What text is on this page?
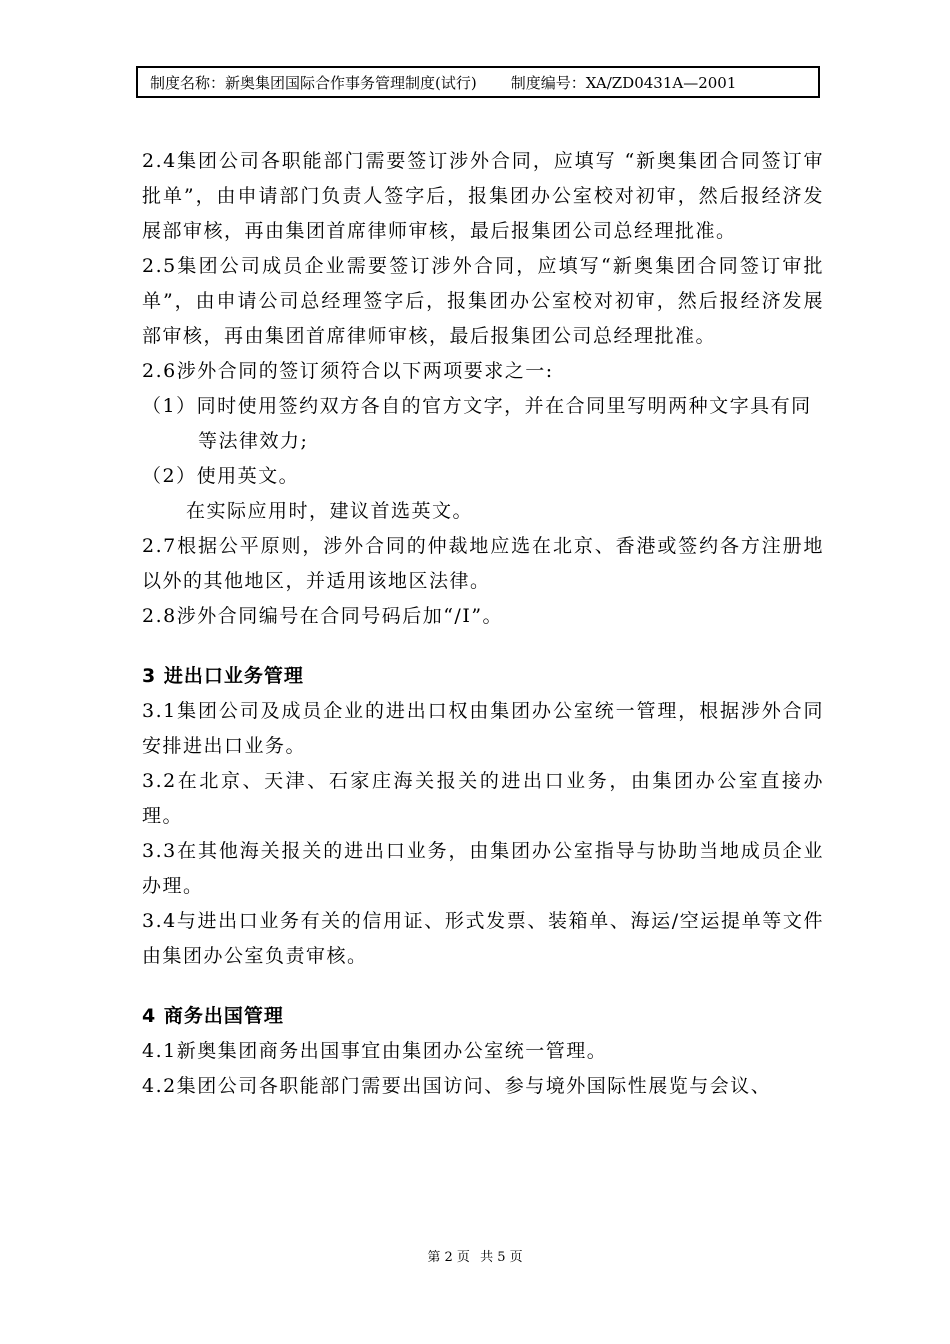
制度名称：新奥集团国际合作事务管理制度(试行) 制度编号：XA/ZD0431A—2001

2.4集团公司各职能部门需要签订涉外合同，应填写 “新奥集团合同签订审批单”，由申请部门负责人签字后，报集团办公室校对初审，然后报经济发展部审核，再由集团首席律师审核，最后报集团公司总经理批准。

2.5集团公司成员企业需要签订涉外合同，应填写“新奥集团合同签订审批单”，由申请公司总经理签字后，报集团办公室校对初审，然后报经济发展部审核，再由集团首席律师审核，最后报集团公司总经理批准。

2.6涉外合同的签订须符合以下两项要求之一:

（1）同时使用签约双方各自的官方文字，并在合同里写明两种文字具有同等法律效力;

（2）使用英文。

在实际应用时，建议首选英文。

2.7根据公平原则，涉外合同的仲裁地应选在北京、香港或签约各方注册地以外的其他地区，并适用该地区法律。

2.8涉外合同编号在合同号码后加“/I”。

3 进出口业务管理

3.1集团公司及成员企业的进出口权由集团办公室统一管理，根据涉外合同安排进出口业务。

3.2在北京、天津、石家庄海关报关的进出口业务，由集团办公室直接办理。

3.3在其他海关报关的进出口业务，由集团办公室指导与协助当地成员企业办理。

3.4与进出口业务有关的信用证、形式发票、装箱单、海运/空运提单等文件由集团办公室负责审核。

4 商务出国管理

4.1新奥集团商务出国事宜由集团办公室统一管理。

4.2集团公司各职能部门需要出国访问、参与境外国际性展览与会议、

第 2 页 共 5 页
